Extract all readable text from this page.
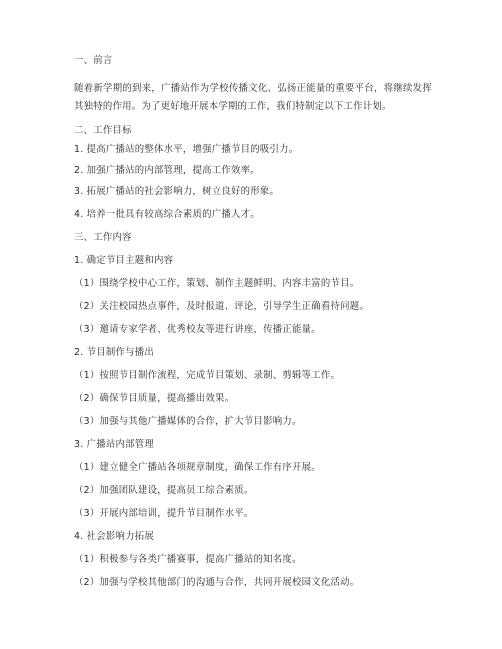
一、前言
随着新学期的到来，广播站作为学校传播文化、弘扬正能量的重要平台，将继续发挥其独特的作用。为了更好地开展本学期的工作，我们特制定以下工作计划。
二、工作目标
1. 提高广播站的整体水平，增强广播节目的吸引力。
2. 加强广播站的内部管理，提高工作效率。
3. 拓展广播站的社会影响力，树立良好的形象。
4. 培养一批具有较高综合素质的广播人才。
三、工作内容
1. 确定节目主题和内容
（1）围绕学校中心工作，策划、制作主题鲜明、内容丰富的节目。
（2）关注校园热点事件，及时报道、评论，引导学生正确看待问题。
（3）邀请专家学者、优秀校友等进行讲座，传播正能量。
2. 节目制作与播出
（1）按照节目制作流程，完成节目策划、录制、剪辑等工作。
（2）确保节目质量，提高播出效果。
（3）加强与其他广播媒体的合作，扩大节目影响力。
3. 广播站内部管理
（1）建立健全广播站各项规章制度，确保工作有序开展。
（2）加强团队建设，提高员工综合素质。
（3）开展内部培训，提升节目制作水平。
4. 社会影响力拓展
（1）积极参与各类广播赛事，提高广播站的知名度。
（2）加强与学校其他部门的沟通与合作，共同开展校园文化活动。
